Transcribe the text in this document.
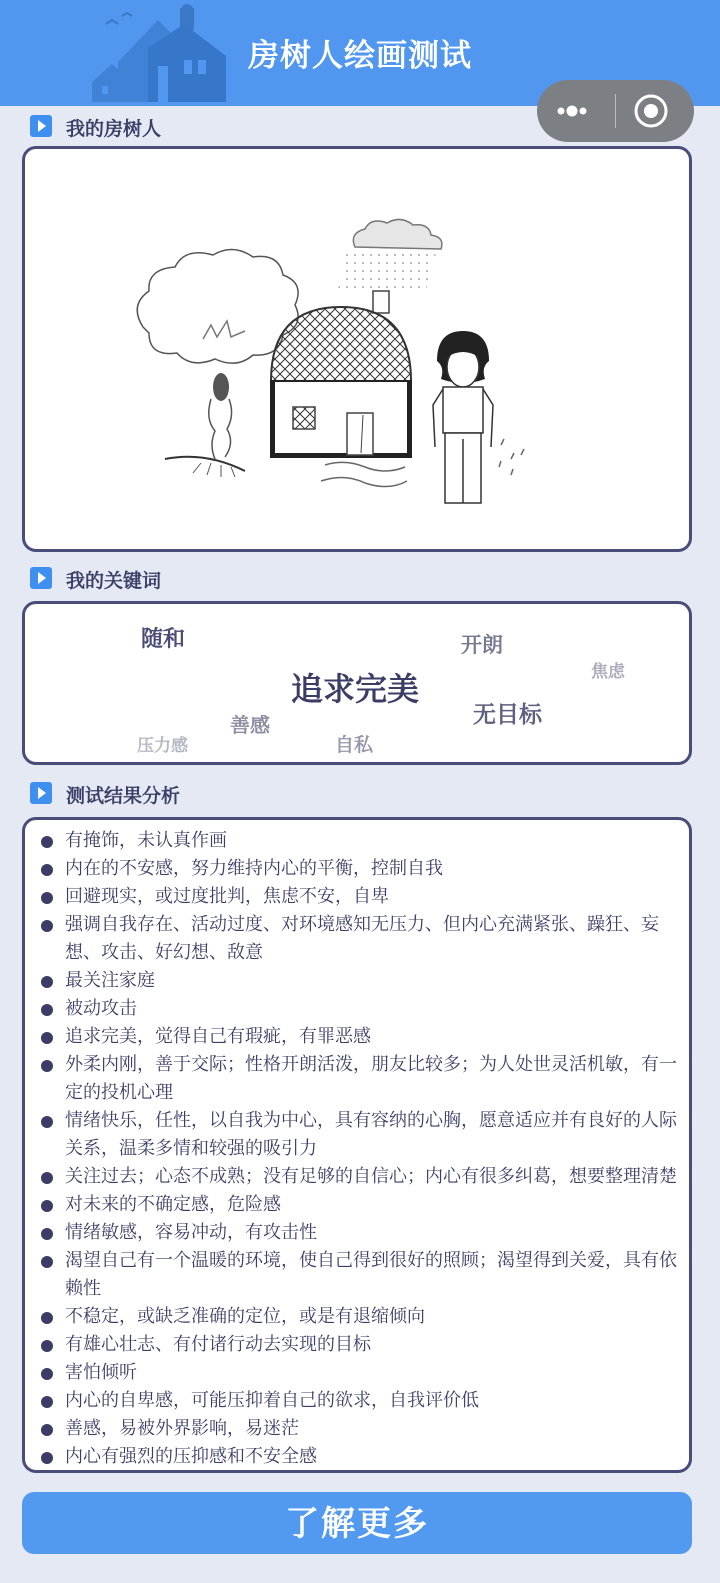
房树人绘画测试
我的房树人
我的关键词
随和	开朗
焦虑
追求完美
无目标
善感
压力感	自私
测试结果分析
有掩饰，未认真作画
内在的不安感，努力维持内心的平衡，控制自我
回避现实，或过度批判，焦虑不安，自卑
强调自我存在、活动过度、对环境感知无压力、但内心充满紧张、躁狂、妄想、攻击、好幻想、敌意
最关注家庭
被动攻击
追求完美，觉得自己有瑕疵，有罪恶感
外柔内刚，善于交际；性格开朗活泼，朋友比较多；为人处世灵活机敏，有一定的投机心理
情绪快乐，任性，以自我为中心，具有容纳的心胸，愿意适应并有良好的人际关系，温柔多情和较强的吸引力
关注过去；心态不成熟；没有足够的自信心；内心有很多纠葛，想要整理清楚
对未来的不确定感，危险感
情绪敏感，容易冲动，有攻击性
渴望自己有一个温暖的环境，使自己得到很好的照顾；渴望得到关爱，具有依赖性
不稳定，或缺乏准确的定位，或是有退缩倾向
有雄心壮志、有付诸行动去实现的目标
害怕倾听
内心的自卑感，可能压抑着自己的欲求，自我评价低
善感，易被外界影响，易迷茫
内心有强烈的压抑感和不安全感
了解更多
